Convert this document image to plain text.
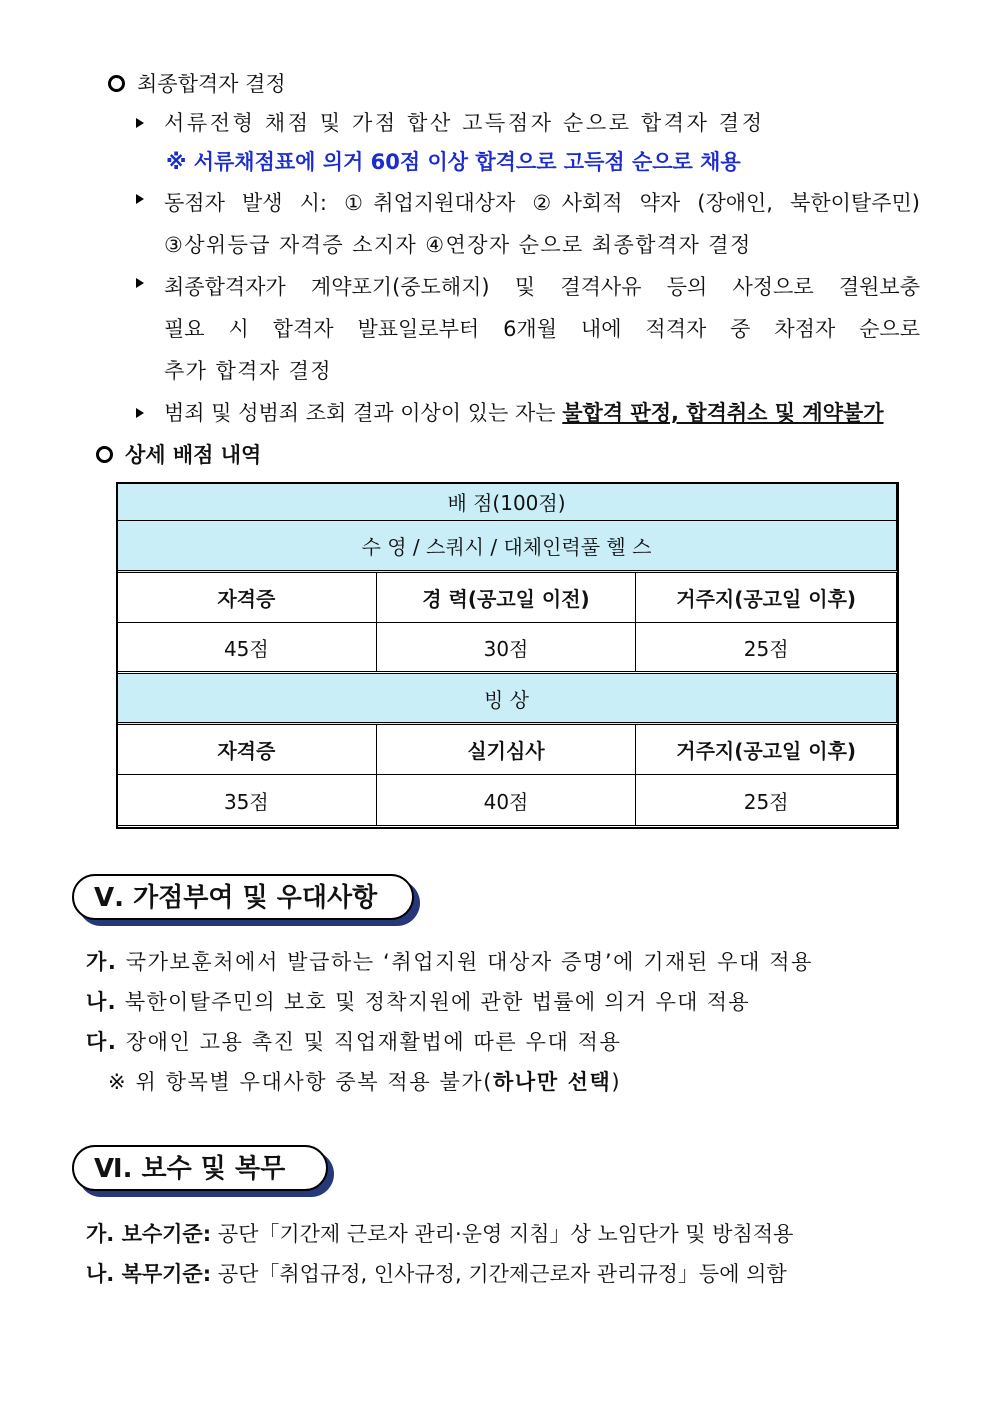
최종합격자 결정
서류전형 채점 및 가점 합산 고득점자 순으로 합격자 결정
※ 서류채점표에 의거 60점 이상 합격으로 고득점 순으로 채용
동점자 발생 시: ①취업지원대상자 ②사회적 약자 (장애인, 북한이탈주민)
③상위등급 자격증 소지자 ④연장자 순으로 최종합격자 결정
최종합격자가 계약포기(중도해지) 및 결격사유 등의 사정으로 결원보충
필요 시 합격자 발표일로부터 6개월 내에 적격자 중 차점자 순으로
추가 합격자 결정
범죄 및 성범죄 조회 결과 이상이 있는 자는 불합격 판정, 합격취소 및 계약불가
상세 배점 내역
배 점(100점)		
수 영 / 스쿼시 / 대체인력풀 헬 스		
자격증	경 력(공고일 이전)	거주지(공고일 이후)
45점	30점	25점
빙 상		
자격증	실기심사	거주지(공고일 이후)
35점	40점	25점
Ⅴ. 가점부여 및 우대사항
가. 국가보훈처에서 발급하는 ‘취업지원 대상자 증명’에 기재된 우대 적용
나. 북한이탈주민의 보호 및 정착지원에 관한 법률에 의거 우대 적용
다. 장애인 고용 촉진 및 직업재활법에 따른 우대 적용
※ 위 항목별 우대사항 중복 적용 불가(하나만 선택)
Ⅵ. 보수 및 복무
가. 보수기준: 공단「기간제 근로자 관리·운영 지침」상 노임단가 및 방침적용
나. 복무기준: 공단「취업규정, 인사규정, 기간제근로자 관리규정」등에 의함
